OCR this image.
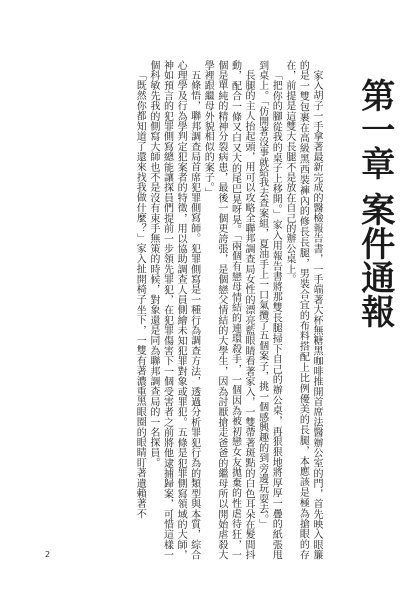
第一章 案件通報

家入胡子一手拿著最新完成的醫檢報告書，一手端著大杯無糖黑咖啡推開首席法醫辦公室的門，首先映入眼簾的是一雙包裹在高級黑西裝褲內的修長長腿，男裝合宜的布料搭配上比例優美的長腿，本應該是極為搶眼的存在，前提是這雙大長腿不是放在自己的辦公桌上。

「把你的腳從我的桌子上移開。」家入用報告書將那雙長腿掃下自己的辦公桌，再狠狠地將厚厚一疊的紙張甩到桌上。「仿開著沒事就給我去查案組，夏油手上一口氣攬了五個案子，挑一個感興趣的到旁邊玩耍去。」

長腿的主人抬起頭，用可以攻略全聯邦調查局女性的漂亮藍眼睛看著家入，一雙帶著斑點的白色耳朵在髮間抖動，配合一條又白又大的尾巴晃呀晃。「兩個有戀母情結的連環殺手，一個因為被初戀女友拋棄的性虐待狂，一個是單純的精神分裂病患，最後一個更誇張，是個戀父情結的大學生，因為討厭搶走爸爸的繼母所以開始虐殺大學裡跟繼母外貌相似的案子。」

五條悟，聯邦調查局首席犯罪側寫師。犯罪側寫是一種行為調查方法，透過分析罪犯行為的類型與本質，綜合心理學及行為學判定犯案者的特徵，用以協助調查人員側繪未知犯罪對象或罪犯。五條是犯罪側寫領域的大師，神如預言的犯罪側寫總能讓探員們提前一步領先罪犯，在犯罪傷害下一個受害者之前將他逮捕歸案，可惜這樣一個科敏先我的側寫大師也不是沒有束手無策的時候，對象還是同為聯邦調查局的一名探員。

「既然你都知道了還來找我做什麼？」家入扯開椅子坐下，一雙有著濃重黑眼圈的眼睛盯著遺賴著不

2
